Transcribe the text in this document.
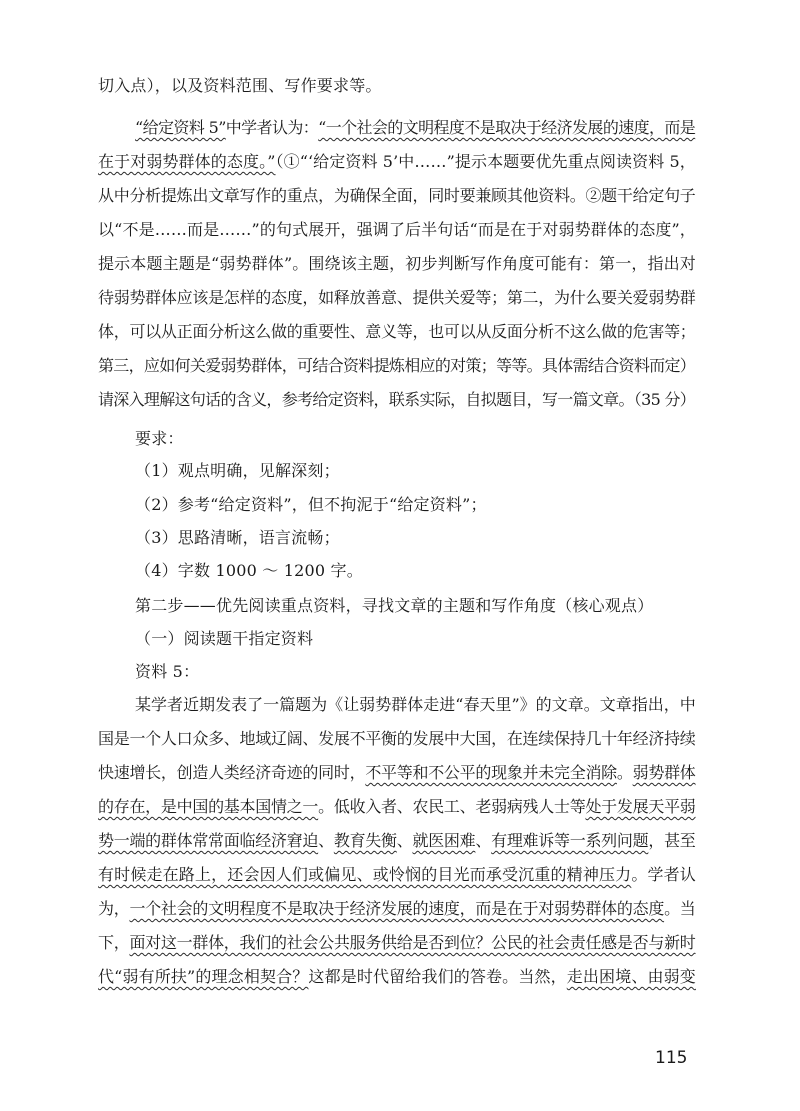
切入点），以及资料范围、写作要求等。
“给定资料 5”中学者认为：“一个社会的文明程度不是取决于经济发展的速度，而是
在于对弱势群体的态度。”（①“‘给定资料 5’中……”提示本题要优先重点阅读资料 5，
从中分析提炼出文章写作的重点，为确保全面，同时要兼顾其他资料。②题干给定句子
以“不是……而是……”的句式展开，强调了后半句话“而是在于对弱势群体的态度”，
提示本题主题是“弱势群体”。围绕该主题，初步判断写作角度可能有：第一，指出对
待弱势群体应该是怎样的态度，如释放善意、提供关爱等；第二，为什么要关爱弱势群
体，可以从正面分析这么做的重要性、意义等，也可以从反面分析不这么做的危害等；
第三，应如何关爱弱势群体，可结合资料提炼相应的对策；等等。具体需结合资料而定）
请深入理解这句话的含义，参考给定资料，联系实际，自拟题目，写一篇文章。（35 分）
要求：
（1）观点明确，见解深刻；
（2）参考“给定资料”，但不拘泥于“给定资料”；
（3）思路清晰，语言流畅；
（4）字数 1000 ～ 1200 字。
第二步——优先阅读重点资料，寻找文章的主题和写作角度（核心观点）
（一）阅读题干指定资料
资料 5：
某学者近期发表了一篇题为《让弱势群体走进“春天里”》的文章。文章指出，中
国是一个人口众多、地域辽阔、发展不平衡的发展中大国，在连续保持几十年经济持续
快速增长，创造人类经济奇迹的同时，不平等和不公平的现象并未完全消除。弱势群体
的存在，是中国的基本国情之一。低收入者、农民工、老弱病残人士等处于发展天平弱
势一端的群体常常面临经济窘迫、教育失衡、就医困难、有理难诉等一系列问题，甚至
有时候走在路上，还会因人们或偏见、或怜悯的目光而承受沉重的精神压力。学者认
为，一个社会的文明程度不是取决于经济发展的速度，而是在于对弱势群体的态度。当
下，面对这一群体，我们的社会公共服务供给是否到位？公民的社会责任感是否与新时
代“弱有所扶”的理念相契合？这都是时代留给我们的答卷。当然，走出困境、由弱变
115
